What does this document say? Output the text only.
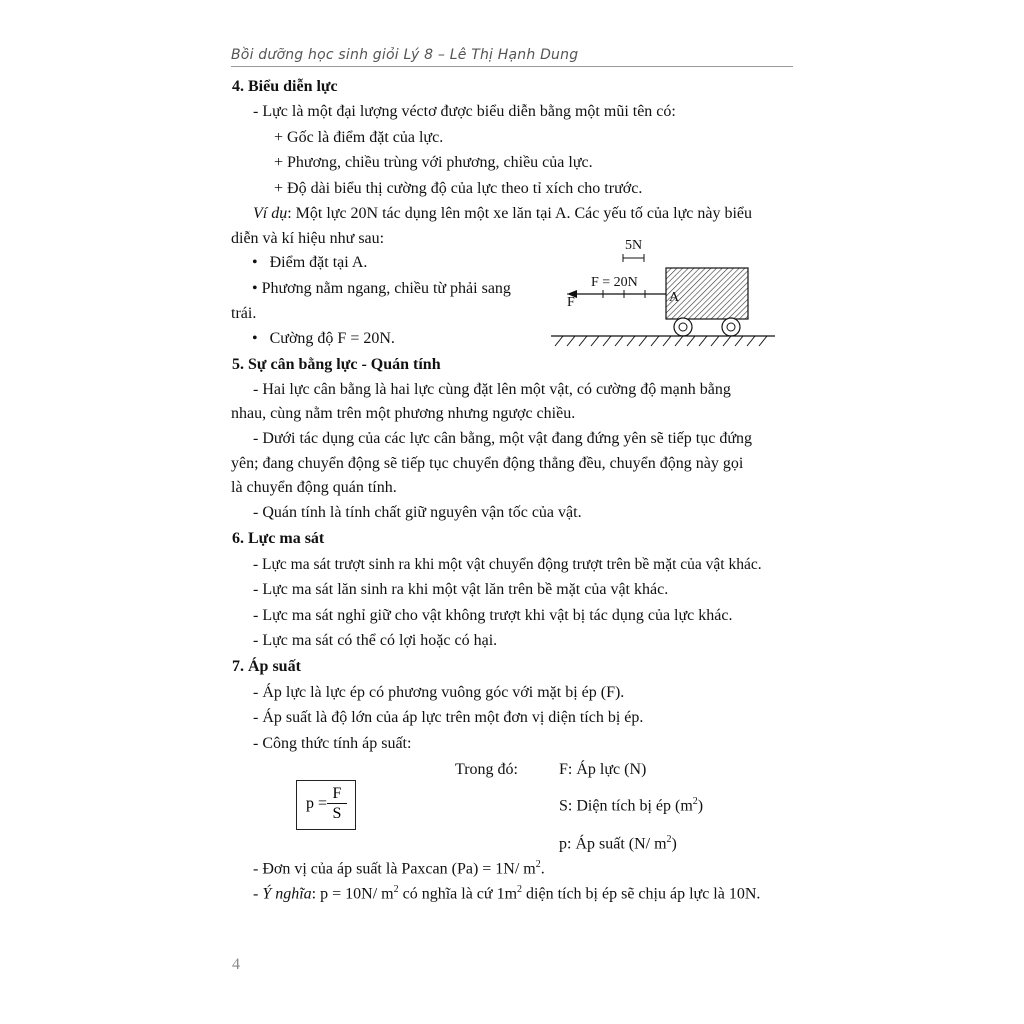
Bồi dưỡng học sinh giỏi Lý 8 – Lê Thị Hạnh Dung
4. Biểu diễn lực
- Lực là một đại lượng véctơ được biểu diễn bằng một mũi tên có:
+ Gốc là điểm đặt của lực.
+ Phương, chiều trùng với phương, chiều của lực.
+ Độ dài biểu thị cường độ của lực theo tỉ xích cho trước.
Ví dụ: Một lực 20N tác dụng lên một xe lăn tại A. Các yếu tố của lực này biểu
diễn và kí hiệu như sau:
•   Điểm đặt tại A.
• Phương nằm ngang, chiều từ phải sang
trái.
•   Cường độ F = 20N.
5N
F = 20N
F	A
5. Sự cân bằng lực - Quán tính
- Hai lực cân bằng là hai lực cùng đặt lên một vật, có cường độ mạnh bằng
nhau, cùng nằm trên một phương nhưng ngược chiều.
- Dưới tác dụng của các lực cân bằng, một vật đang đứng yên sẽ tiếp tục đứng
yên; đang chuyển động sẽ tiếp tục chuyển động thẳng đều, chuyển động này gọi
là chuyển động quán tính.
- Quán tính là tính chất giữ nguyên vận tốc của vật.
6. Lực ma sát
- Lực ma sát trượt sinh ra khi một vật chuyển động trượt trên bề mặt của vật khác.
- Lực ma sát lăn sinh ra khi một vật lăn trên bề mặt của vật khác.
- Lực ma sát nghỉ giữ cho vật không trượt khi vật bị tác dụng của lực khác.
- Lực ma sát có thể có lợi hoặc có hại.
7. Áp suất
- Áp lực là lực ép có phương vuông góc với mặt bị ép (F).
- Áp suất là độ lớn của áp lực trên một đơn vị diện tích bị ép.
- Công thức tính áp suất:
Trong đó:	F: Áp lực (N)
S: Diện tích bị ép $(m^2)$
p: Áp suất (N/ $m^2$)
$p = \frac{F}{S}$
- Đơn vị của áp suất là Paxcan (Pa) = 1N/ $m^2$.
- Ý nghĩa: p = 10N/ $m^2$ có nghĩa là cứ $1m^2$ diện tích bị ép sẽ chịu áp lực là 10N.
4
